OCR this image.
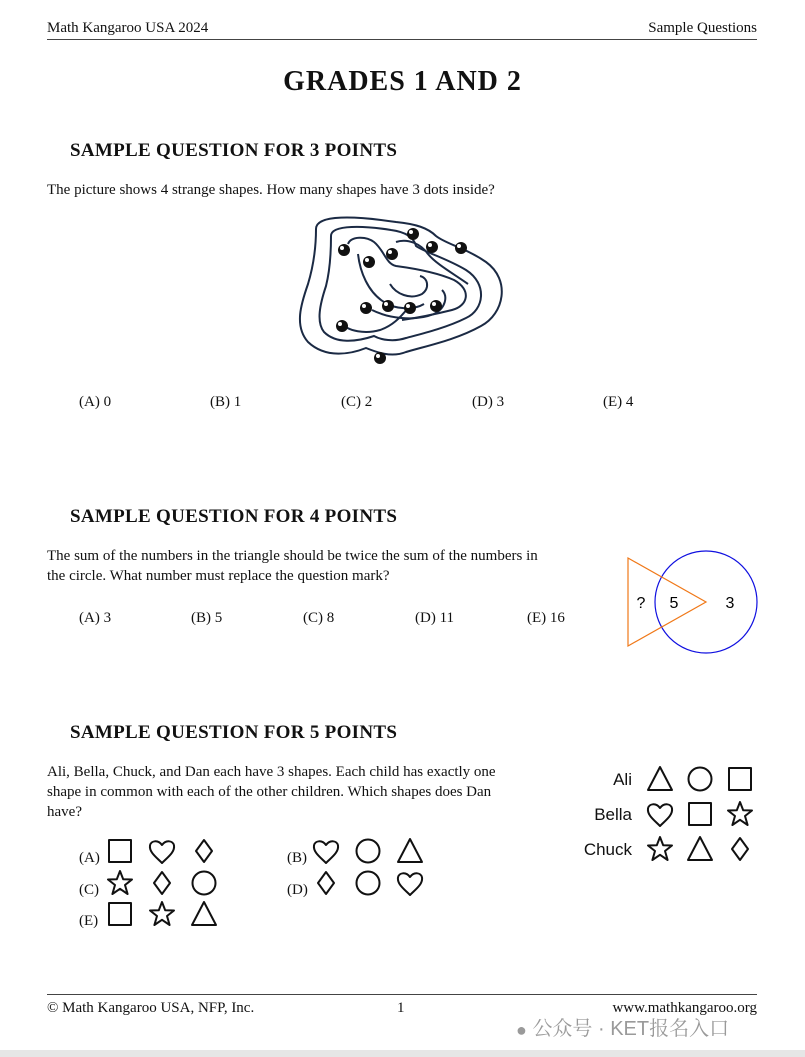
Math Kangaroo USA 2024	Sample Questions
GRADES 1 AND 2
SAMPLE QUESTION FOR 3 POINTS
The picture shows 4 strange shapes. How many shapes have 3 dots inside?
(A) 0	(B) 1	(C) 2	(D) 3	(E) 4
SAMPLE QUESTION FOR 4 POINTS
The sum of the numbers in the triangle should be twice the sum of the numbers in
the circle. What number must replace the question mark?
(A) 3	(B) 5	(C) 8	(D) 11	(E) 16
? 5	3
SAMPLE QUESTION FOR 5 POINTS
Ali, Bella, Chuck, and Dan each have 3 shapes. Each child has exactly one
shape in common with each of the other children. Which shapes does Dan
have?
Ali
Bella
Chuck
(A)	(B)
(C)	(D)
(E)
© Math Kangaroo USA, NFP, Inc.	1	www.mathkangaroo.org
● 公众号 · KET报名入口
